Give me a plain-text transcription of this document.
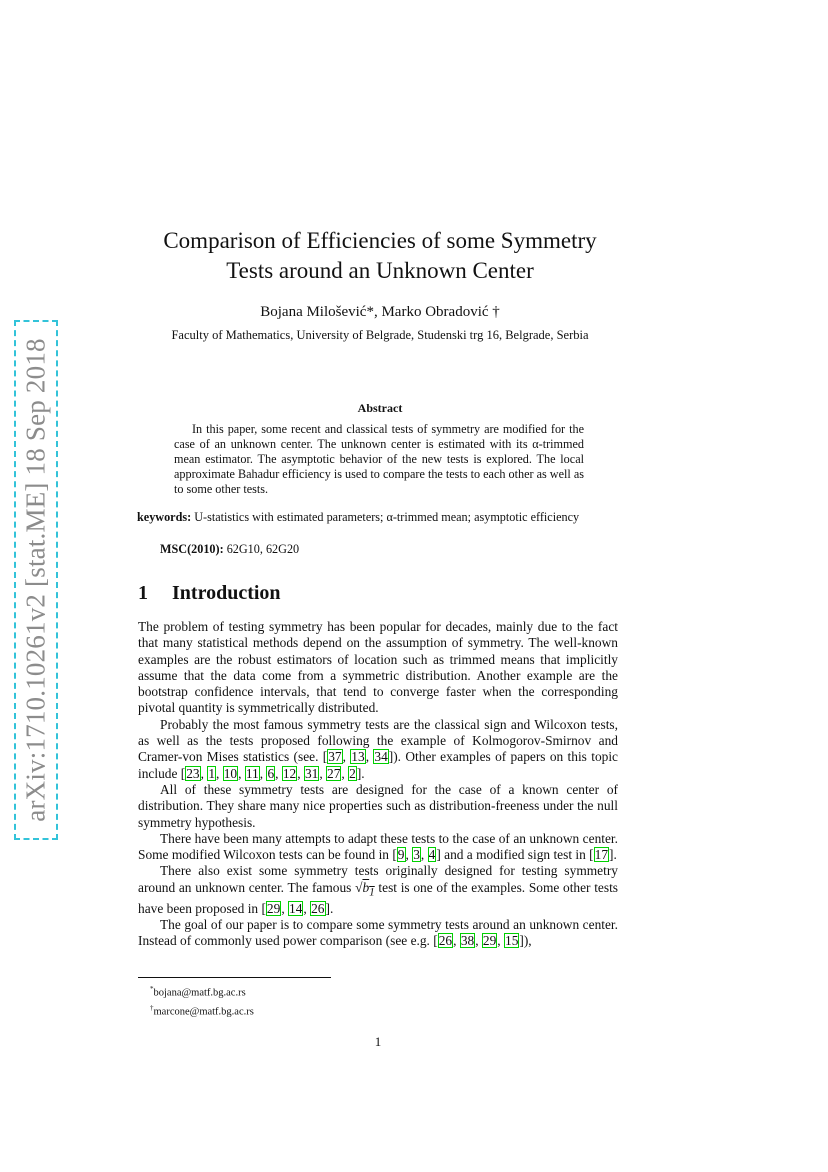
arXiv:1710.10261v2 [stat.ME] 18 Sep 2018
Comparison of Efficiencies of some Symmetry
Tests around an Unknown Center
Bojana Milošević*, Marko Obradović †
Faculty of Mathematics, University of Belgrade, Studenski trg 16, Belgrade, Serbia
Abstract
In this paper, some recent and classical tests of symmetry are modified for the case of an unknown center. The unknown center is estimated with its α-trimmed mean estimator. The asymptotic behavior of the new tests is explored. The local approximate Bahadur efficiency is used to compare the tests to each other as well as to some other tests.
keywords: U-statistics with estimated parameters; α-trimmed mean; asymptotic efficiency
MSC(2010): 62G10, 62G20
1 Introduction

The problem of testing symmetry has been popular for decades, mainly due to the fact that many statistical methods depend on the assumption of symmetry. The well-known examples are the robust estimators of location such as trimmed means that implicitly assume that the data come from a symmetric distribution. Another example are the bootstrap confidence intervals, that tend to converge faster when the corresponding pivotal quantity is symmetrically distributed.

Probably the most famous symmetry tests are the classical sign and Wilcoxon tests, as well as the tests proposed following the example of Kolmogorov-Smirnov and Cramer-von Mises statistics (see. [37, 13, 34]). Other examples of papers on this topic include [23, 1, 10, 11, 6, 12, 31, 27, 2].

All of these symmetry tests are designed for the case of a known center of distribution. They share many nice properties such as distribution-freeness under the null symmetry hypothesis.

There have been many attempts to adapt these tests to the case of an unknown center. Some modified Wilcoxon tests can be found in [9, 3, 4] and a modified sign test in [17].

There also exist some symmetry tests originally designed for testing symmetry around an unknown center. The famous $√b_1$ test is one of the examples. Some other tests have been proposed in [29, 14, 26].

The goal of our paper is to compare some symmetry tests around an unknown center. Instead of commonly used power comparison (see e.g. [26, 38, 29, 15]),

*bojana@matf.bg.ac.rs
†marcone@matf.bg.ac.rs
1
